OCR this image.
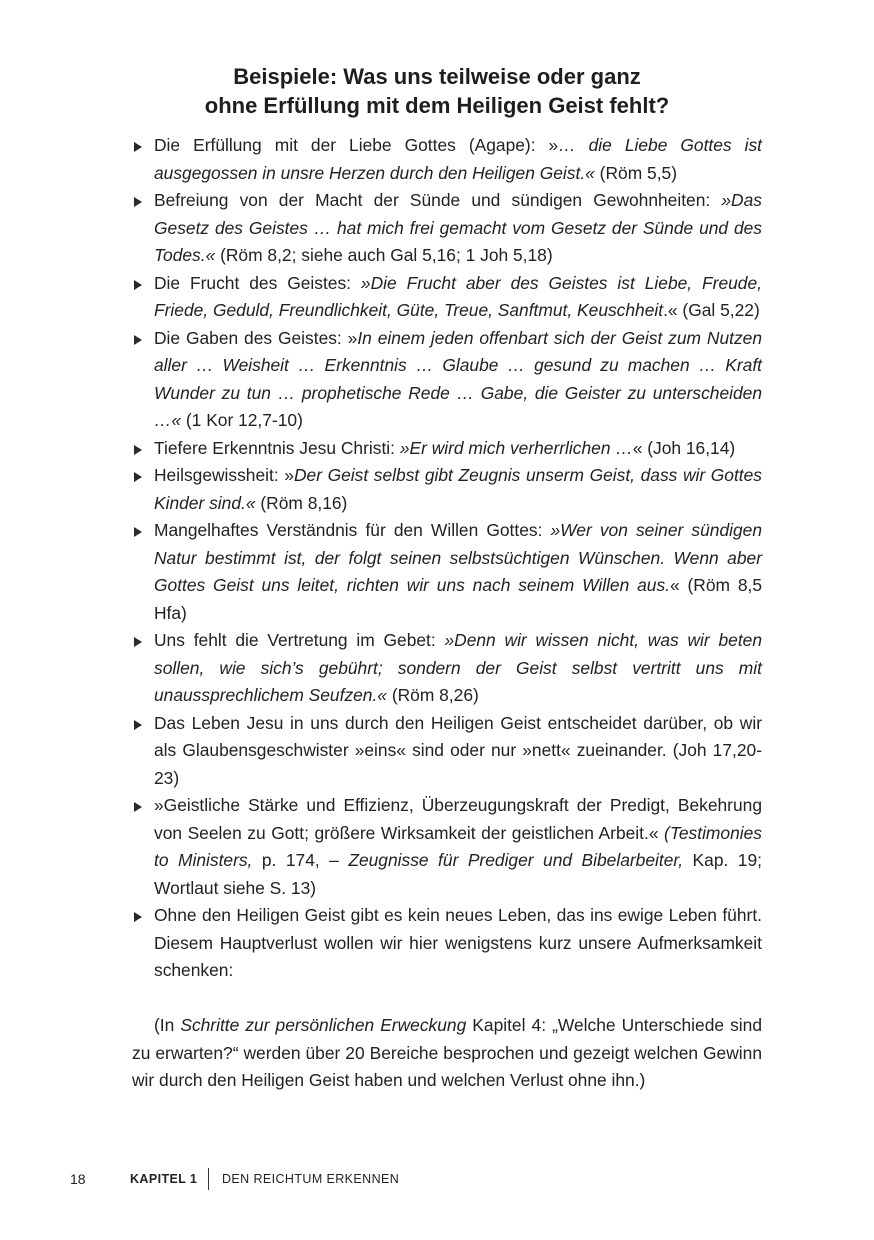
Beispiele: Was uns teilweise oder ganz
ohne Erfüllung mit dem Heiligen Geist fehlt?
Die Erfüllung mit der Liebe Gottes (Agape): »… die Liebe Gottes ist ausgegossen in unsre Herzen durch den Heiligen Geist.« (Röm 5,5)
Befreiung von der Macht der Sünde und sündigen Gewohnheiten: »Das Gesetz des Geistes … hat mich frei gemacht vom Gesetz der Sünde und des Todes.« (Röm 8,2; siehe auch Gal 5,16; 1 Joh 5,18)
Die Frucht des Geistes: »Die Frucht aber des Geistes ist Liebe, Freude, Friede, Geduld, Freundlichkeit, Güte, Treue, Sanftmut, Keuschheit.« (Gal 5,22)
Die Gaben des Geistes: »In einem jeden offenbart sich der Geist zum Nutzen aller … Weisheit … Erkenntnis … Glaube … gesund zu machen … Kraft Wunder zu tun … prophetische Rede … Gabe, die Geister zu unterscheiden …« (1 Kor 12,7-10)
Tiefere Erkenntnis Jesu Christi: »Er wird mich verherrlichen …« (Joh 16,14)
Heilsgewissheit: »Der Geist selbst gibt Zeugnis unserm Geist, dass wir Gottes Kinder sind.« (Röm 8,16)
Mangelhaftes Verständnis für den Willen Gottes: »Wer von seiner sündigen Natur bestimmt ist, der folgt seinen selbstsüchtigen Wünschen. Wenn aber Gottes Geist uns leitet, richten wir uns nach seinem Willen aus.« (Röm 8,5 Hfa)
Uns fehlt die Vertretung im Gebet: »Denn wir wissen nicht, was wir beten sollen, wie sich’s gebührt; sondern der Geist selbst vertritt uns mit unaussprechlichem Seufzen.« (Röm 8,26)
Das Leben Jesu in uns durch den Heiligen Geist entscheidet darüber, ob wir als Glaubensgeschwister »eins« sind oder nur »nett« zueinander. (Joh 17,20-23)
»Geistliche Stärke und Effizienz, Überzeugungskraft der Predigt, Bekehrung von Seelen zu Gott; größere Wirksamkeit der geistlichen Arbeit.« (Testimonies to Ministers, p. 174, – Zeugnisse für Prediger und Bibelarbeiter, Kap. 19; Wortlaut siehe S. 13)
Ohne den Heiligen Geist gibt es kein neues Leben, das ins ewige Leben führt. Diesem Hauptverlust wollen wir hier wenigstens kurz unsere Aufmerksamkeit schenken:
(In Schritte zur persönlichen Erweckung Kapitel 4: „Welche Unterschiede sind zu erwarten?“ werden über 20 Bereiche besprochen und gezeigt welchen Gewinn wir durch den Heiligen Geist haben und welchen Verlust ohne ihn.)
18	KAPITEL 1 DEN REICHTUM ERKENNEN
